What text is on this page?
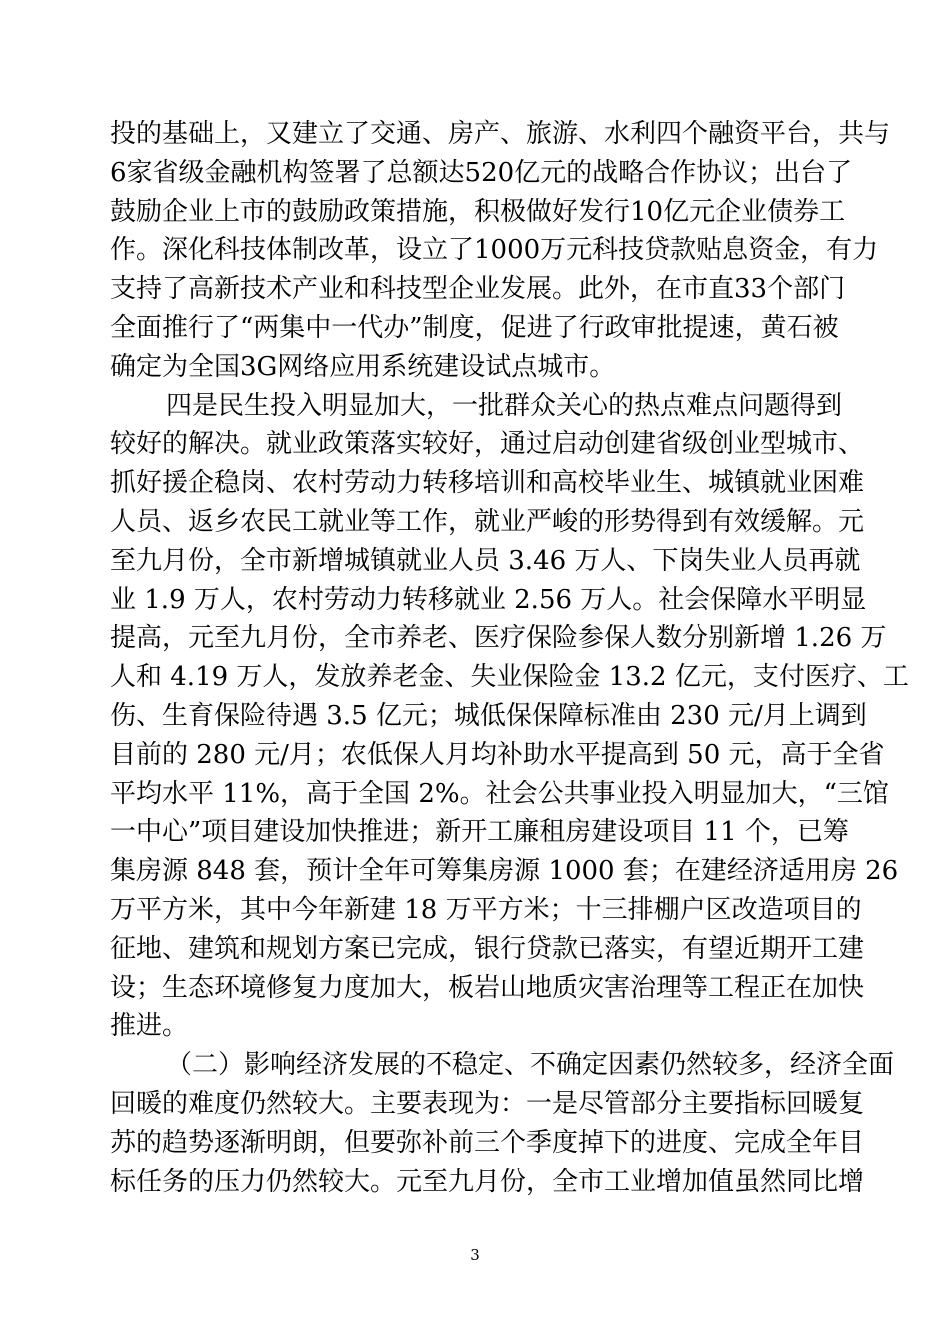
投的基础上，又建立了交通、房产、旅游、水利四个融资平台，共与
6家省级金融机构签署了总额达520亿元的战略合作协议；出台了
鼓励企业上市的鼓励政策措施，积极做好发行10亿元企业债券工
作。深化科技体制改革，设立了1000万元科技贷款贴息资金，有力
支持了高新技术产业和科技型企业发展。此外，在市直33个部门
全面推行了“两集中一代办”制度，促进了行政审批提速，黄石被
确定为全国3G网络应用系统建设试点城市。
四是民生投入明显加大，一批群众关心的热点难点问题得到
较好的解决。就业政策落实较好，通过启动创建省级创业型城市、
抓好援企稳岗、农村劳动力转移培训和高校毕业生、城镇就业困难
人员、返乡农民工就业等工作，就业严峻的形势得到有效缓解。元
至九月份，全市新增城镇就业人员 3.46 万人、下岗失业人员再就
业 1.9 万人，农村劳动力转移就业 2.56 万人。社会保障水平明显
提高，元至九月份，全市养老、医疗保险参保人数分别新增 1.26 万
人和 4.19 万人，发放养老金、失业保险金 13.2 亿元，支付医疗、工
伤、生育保险待遇 3.5 亿元；城低保保障标准由 230 元/月上调到
目前的 280 元/月；农低保人月均补助水平提高到 50 元，高于全省
平均水平 11%，高于全国 2%。社会公共事业投入明显加大，“三馆
一中心”项目建设加快推进；新开工廉租房建设项目 11 个，已筹
集房源 848 套，预计全年可筹集房源 1000 套；在建经济适用房 26
万平方米，其中今年新建 18 万平方米；十三排棚户区改造项目的
征地、建筑和规划方案已完成，银行贷款已落实，有望近期开工建
设；生态环境修复力度加大，板岩山地质灾害治理等工程正在加快
推进。
（二）影响经济发展的不稳定、不确定因素仍然较多，经济全面
回暖的难度仍然较大。主要表现为：一是尽管部分主要指标回暖复
苏的趋势逐渐明朗，但要弥补前三个季度掉下的进度、完成全年目
标任务的压力仍然较大。元至九月份，全市工业增加值虽然同比增
3
